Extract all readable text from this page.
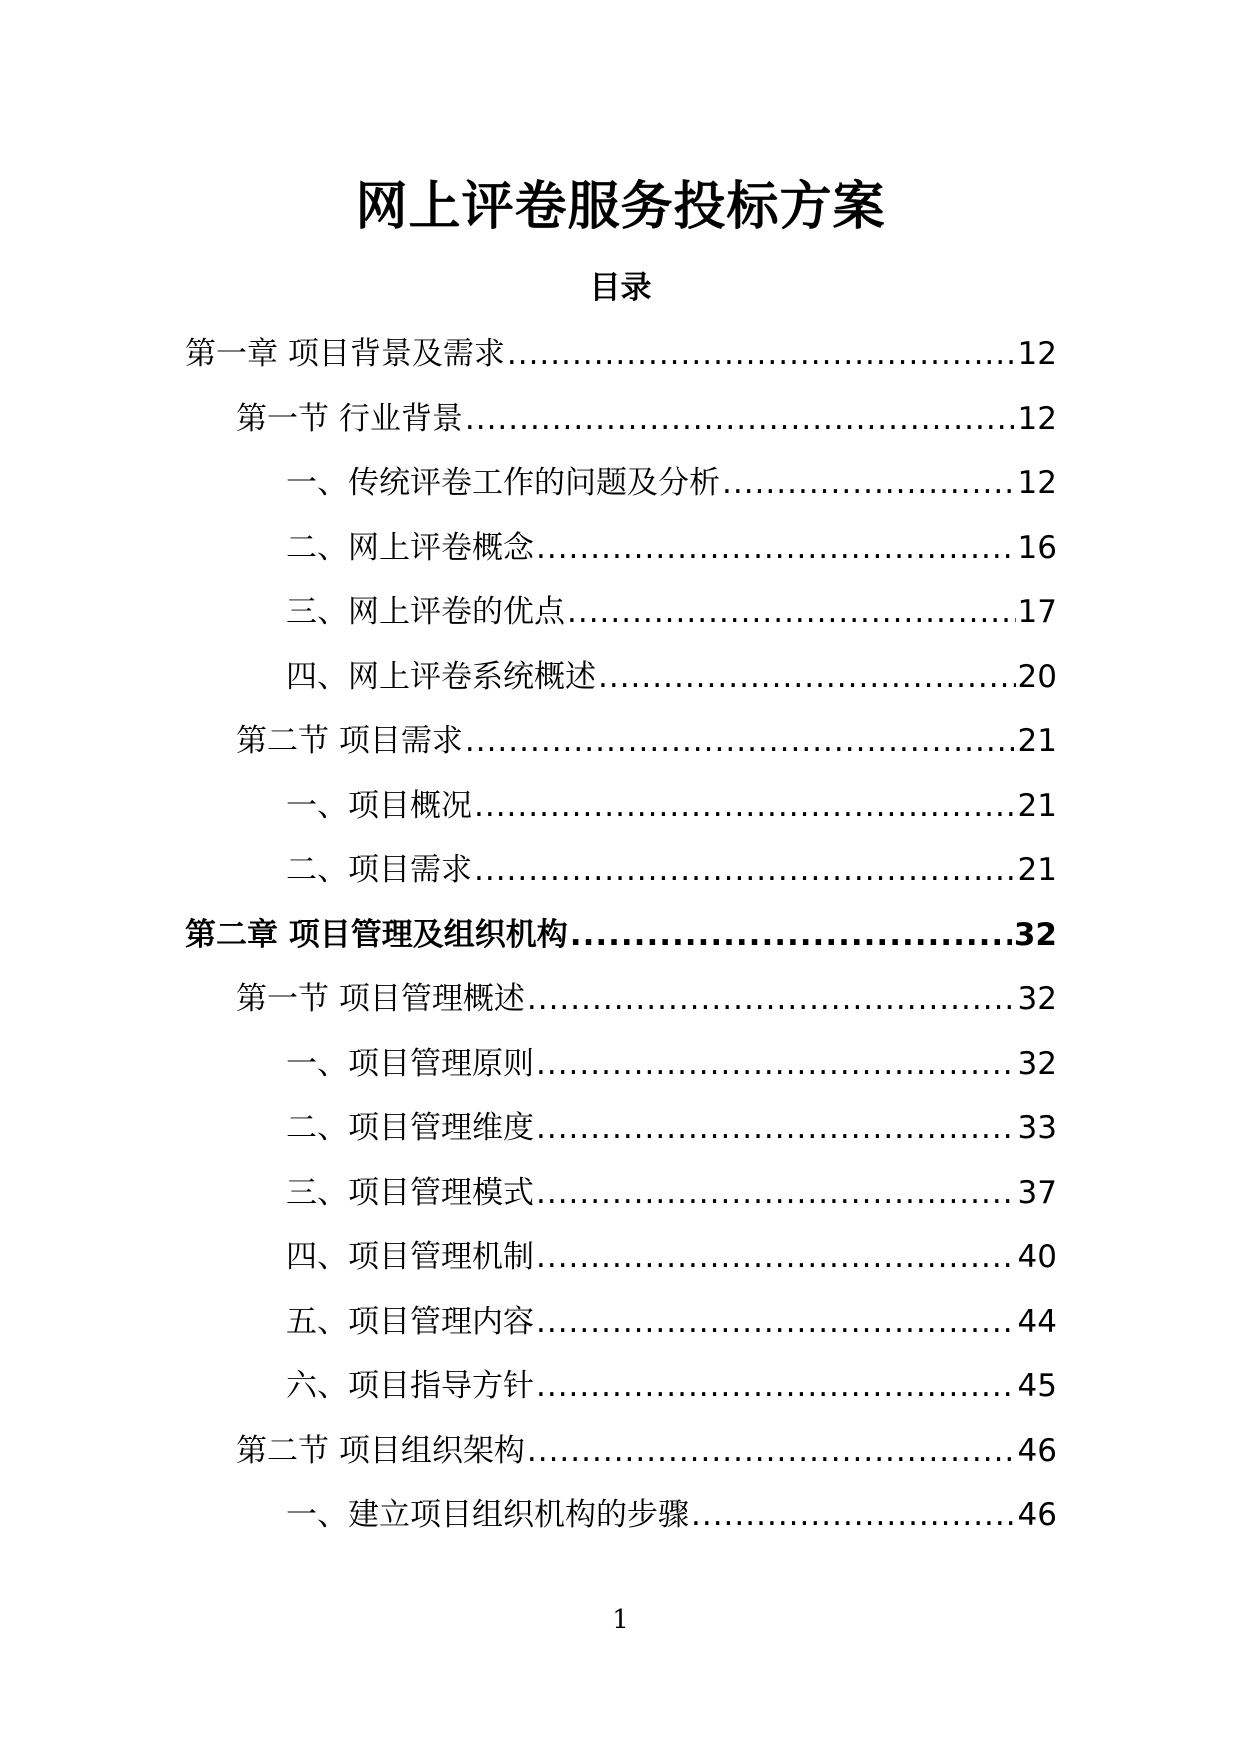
网上评卷服务投标方案
目录
第一章 项目背景及需求 .....	12
第一节 行业背景 .....	12
一、传统评卷工作的问题及分析 .....	12
二、网上评卷概念 .....	16
三、网上评卷的优点 .....	17
四、网上评卷系统概述 .....	20
第二节 项目需求 .....	21
一、项目概况 .....	21
二、项目需求 .....	21
第二章 项目管理及组织机构 .....	32
第一节 项目管理概述 .....	32
一、项目管理原则 .....	32
二、项目管理维度 .....	33
三、项目管理模式 .....	37
四、项目管理机制 .....	40
五、项目管理内容 .....	44
六、项目指导方针 .....	45
第二节 项目组织架构 .....	46
一、建立项目组织机构的步骤 .....	46
1
